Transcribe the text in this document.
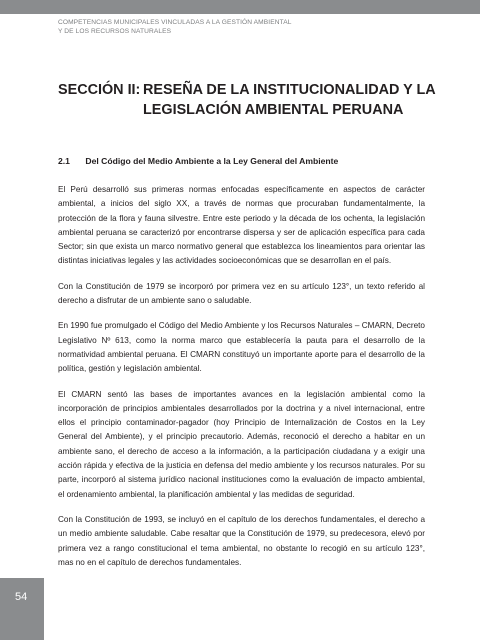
COMPETENCIAS MUNICIPALES VINCULADAS A LA GESTIÓN AMBIENTAL
Y DE LOS RECURSOS NATURALES
SECCIÓN II: RESEÑA DE LA INSTITUCIONALIDAD Y LA
LEGISLACIÓN AMBIENTAL PERUANA
2.1 Del Código del Medio Ambiente a la Ley General del Ambiente

El Perú desarrolló sus primeras normas enfocadas específicamente en aspectos de carácter ambiental, a inicios del siglo XX, a través de normas que procuraban fundamentalmente, la protección de la flora y fauna silvestre. Entre este periodo y la década de los ochenta, la legislación ambiental peruana se caracterizó por encontrarse dispersa y ser de aplicación específica para cada Sector; sin que exista un marco normativo general que establezca los lineamientos para orientar las distintas iniciativas legales y las actividades socioeconómicas que se desarrollan en el país.

Con la Constitución de 1979 se incorporó por primera vez en su artículo 123°, un texto referido al derecho a disfrutar de un ambiente sano o saludable.

En 1990 fue promulgado el Código del Medio Ambiente y los Recursos Naturales – CMARN, Decreto Legislativo Nº 613, como la norma marco que establecería la pauta para el desarrollo de la normatividad ambiental peruana. El CMARN constituyó un importante aporte para el desarrollo de la política, gestión y legislación ambiental.

El CMARN sentó las bases de importantes avances en la legislación ambiental como la incorporación de principios ambientales desarrollados por la doctrina y a nivel internacional, entre ellos el principio contaminador-pagador (hoy Principio de Internalización de Costos en la Ley General del Ambiente), y el principio precautorio. Además, reconoció el derecho a habitar en un ambiente sano, el derecho de acceso a la información, a la participación ciudadana y a exigir una acción rápida y efectiva de la justicia en defensa del medio ambiente y los recursos naturales. Por su parte, incorporó al sistema jurídico nacional instituciones como la evaluación de impacto ambiental, el ordenamiento ambiental, la planificación ambiental y las medidas de seguridad.

Con la Constitución de 1993, se incluyó en el capítulo de los derechos fundamentales, el derecho a un medio ambiente saludable. Cabe resaltar que la Constitución de 1979, su predecesora, elevó por primera vez a rango constitucional el tema ambiental, no obstante lo recogió en su artículo 123°, mas no en el capítulo de derechos fundamentales.

54
